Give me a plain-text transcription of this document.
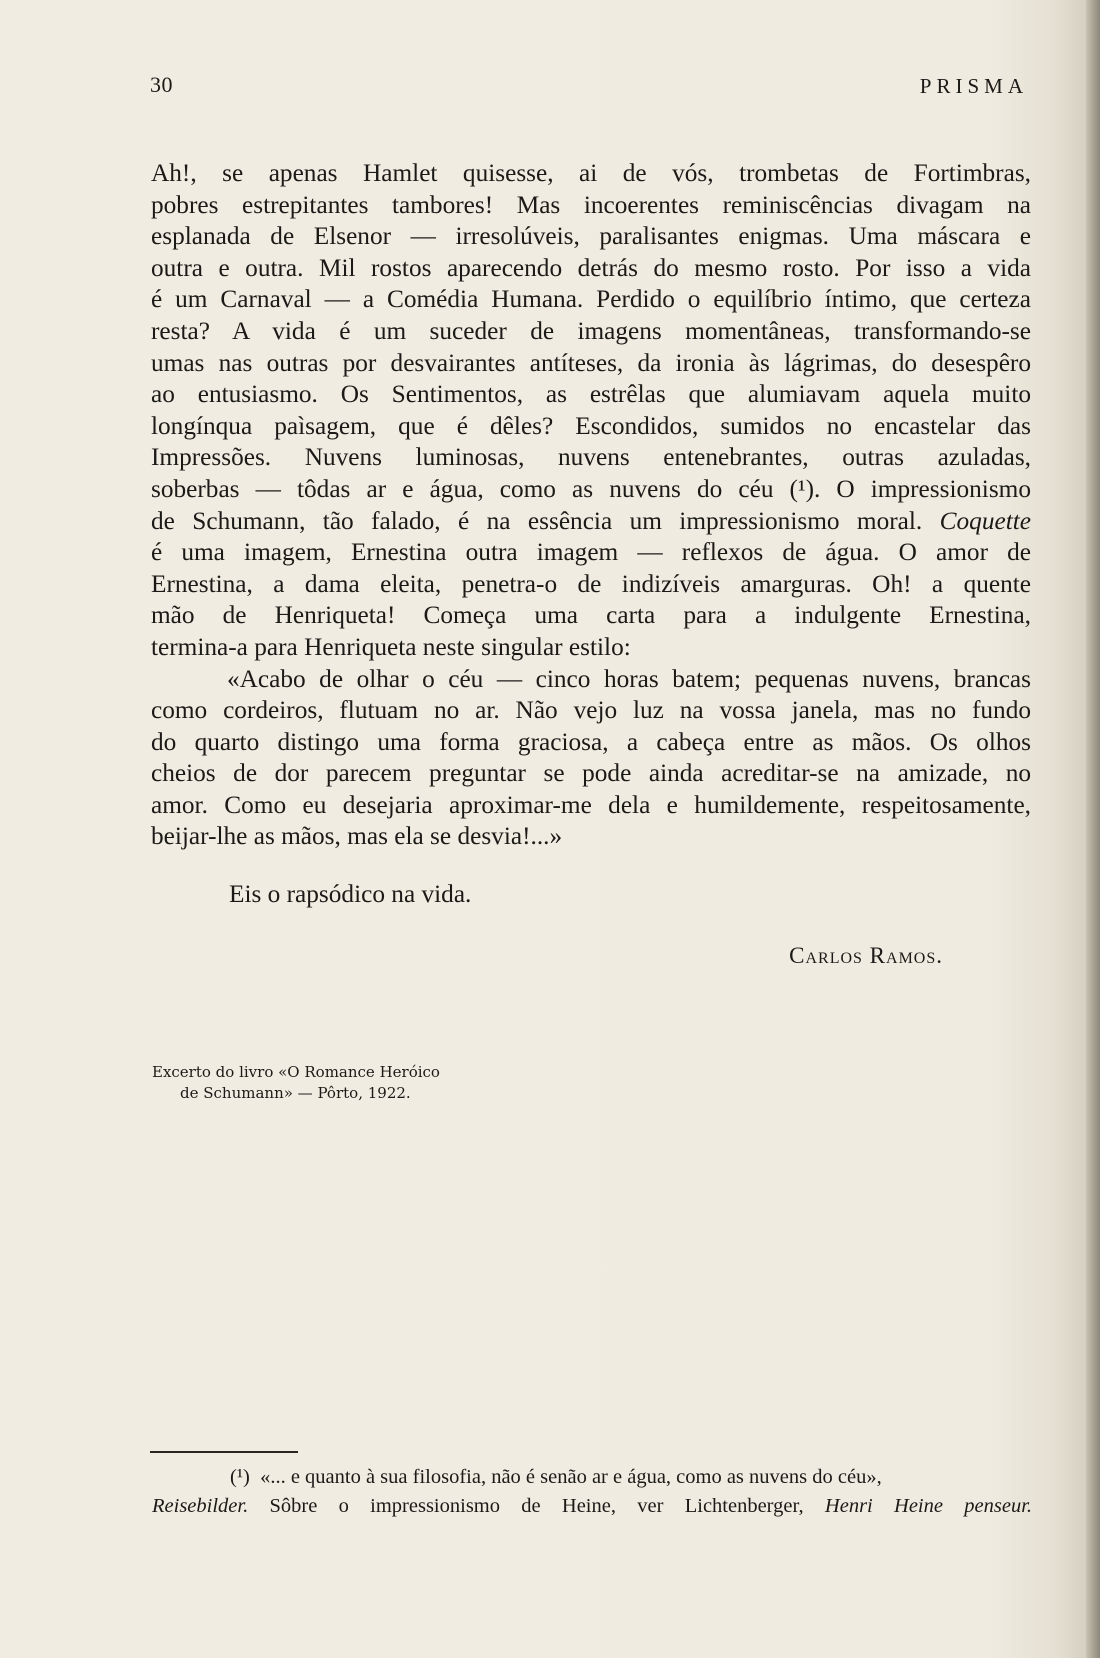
30	PRISMA
Ah!, se apenas Hamlet quisesse, ai de vós, trombetas de Fortimbras,
pobres estrepitantes tambores! Mas incoerentes reminiscências divagam na
esplanada de Elsenor — irresolúveis, paralisantes enigmas. Uma máscara e
outra e outra. Mil rostos aparecendo detrás do mesmo rosto. Por isso a vida
é um Carnaval — a Comédia Humana. Perdido o equilíbrio íntimo, que certeza
resta? A vida é um suceder de imagens momentâneas, transformando-se
umas nas outras por desvairantes antíteses, da ironia às lágrimas, do desespêro
ao entusiasmo. Os Sentimentos, as estrêlas que alumiavam aquela muito
longínqua paìsagem, que é dêles? Escondidos, sumidos no encastelar das
Impressões. Nuvens luminosas, nuvens entenebrantes, outras azuladas,
soberbas — tôdas ar e água, como as nuvens do céu (¹). O impressionismo
de Schumann, tão falado, é na essência um impressionismo moral. Coquette
é uma imagem, Ernestina outra imagem — reflexos de água. O amor de
Ernestina, a dama eleita, penetra-o de indizíveis amarguras. Oh! a quente
mão de Henriqueta! Começa uma carta para a indulgente Ernestina,
termina-a para Henriqueta neste singular estilo:
«Acabo de olhar o céu — cinco horas batem; pequenas nuvens, brancas
como cordeiros, flutuam no ar. Não vejo luz na vossa janela, mas no fundo
do quarto distingo uma forma graciosa, a cabeça entre as mãos. Os olhos
cheios de dor parecem preguntar se pode ainda acreditar-se na amizade, no
amor. Como eu desejaria aproximar-me dela e humildemente, respeitosamente,
beijar-lhe as mãos, mas ela se desvia!...»
Eis o rapsódico na vida.
Carlos Ramos.
Excerto do livro «O Romance Heróico
de Schumann» — Pôrto, 1922.
(¹) «... e quanto à sua filosofia, não é senão ar e água, como as nuvens do céu»,
Reisebilder. Sôbre o impressionismo de Heine, ver Lichtenberger, Henri Heine penseur.
